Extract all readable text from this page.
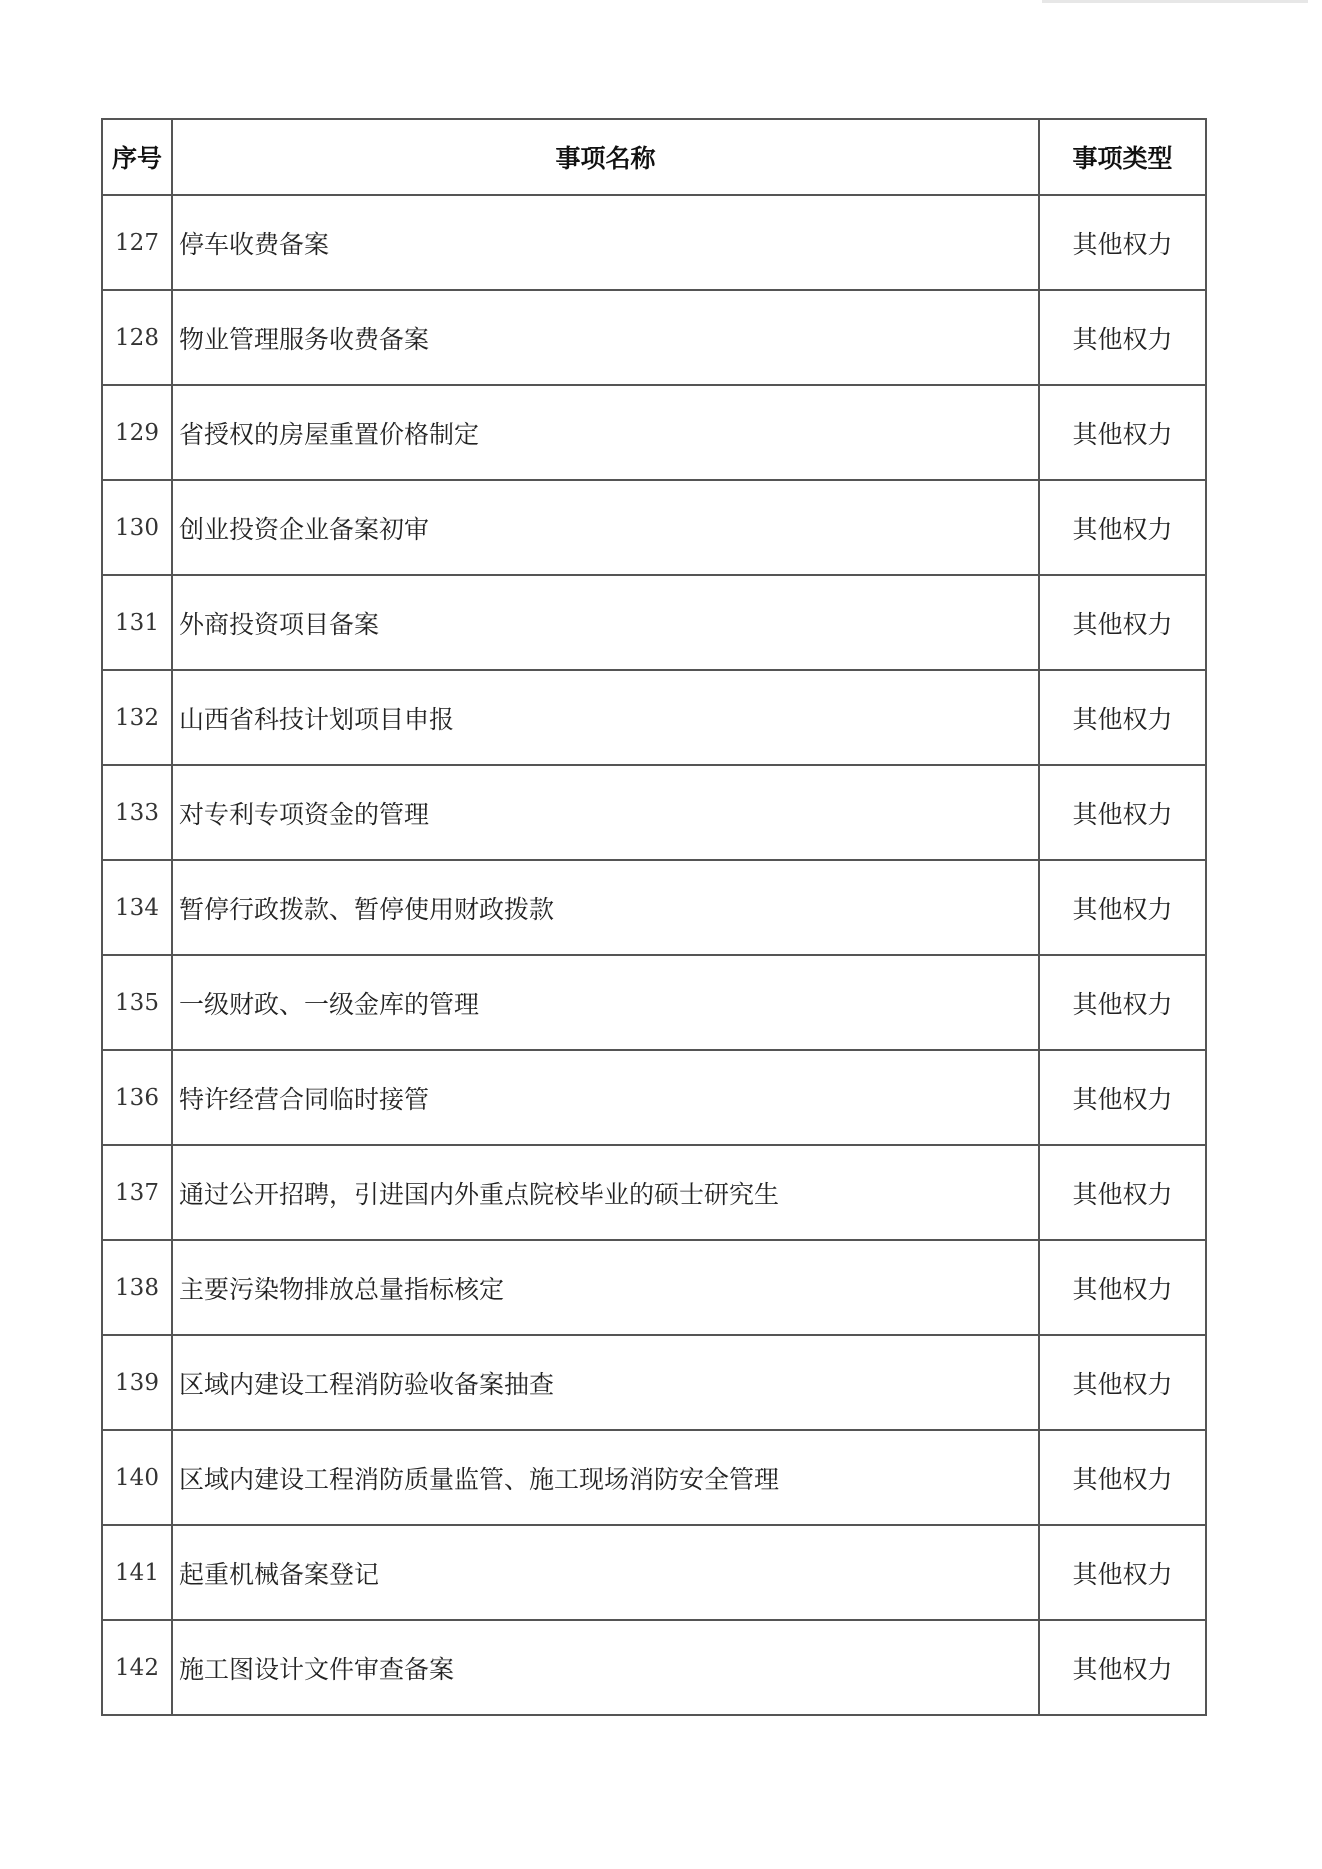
序号	事项名称	事项类型
127	停车收费备案	其他权力
128	物业管理服务收费备案	其他权力
129	省授权的房屋重置价格制定	其他权力
130	创业投资企业备案初审	其他权力
131	外商投资项目备案	其他权力
132	山西省科技计划项目申报	其他权力
133	对专利专项资金的管理	其他权力
134	暂停行政拨款、暂停使用财政拨款	其他权力
135	一级财政、一级金库的管理	其他权力
136	特许经营合同临时接管	其他权力
137	通过公开招聘，引进国内外重点院校毕业的硕士研究生	其他权力
138	主要污染物排放总量指标核定	其他权力
139	区域内建设工程消防验收备案抽查	其他权力
140	区域内建设工程消防质量监管、施工现场消防安全管理	其他权力
141	起重机械备案登记	其他权力
142	施工图设计文件审查备案	其他权力
